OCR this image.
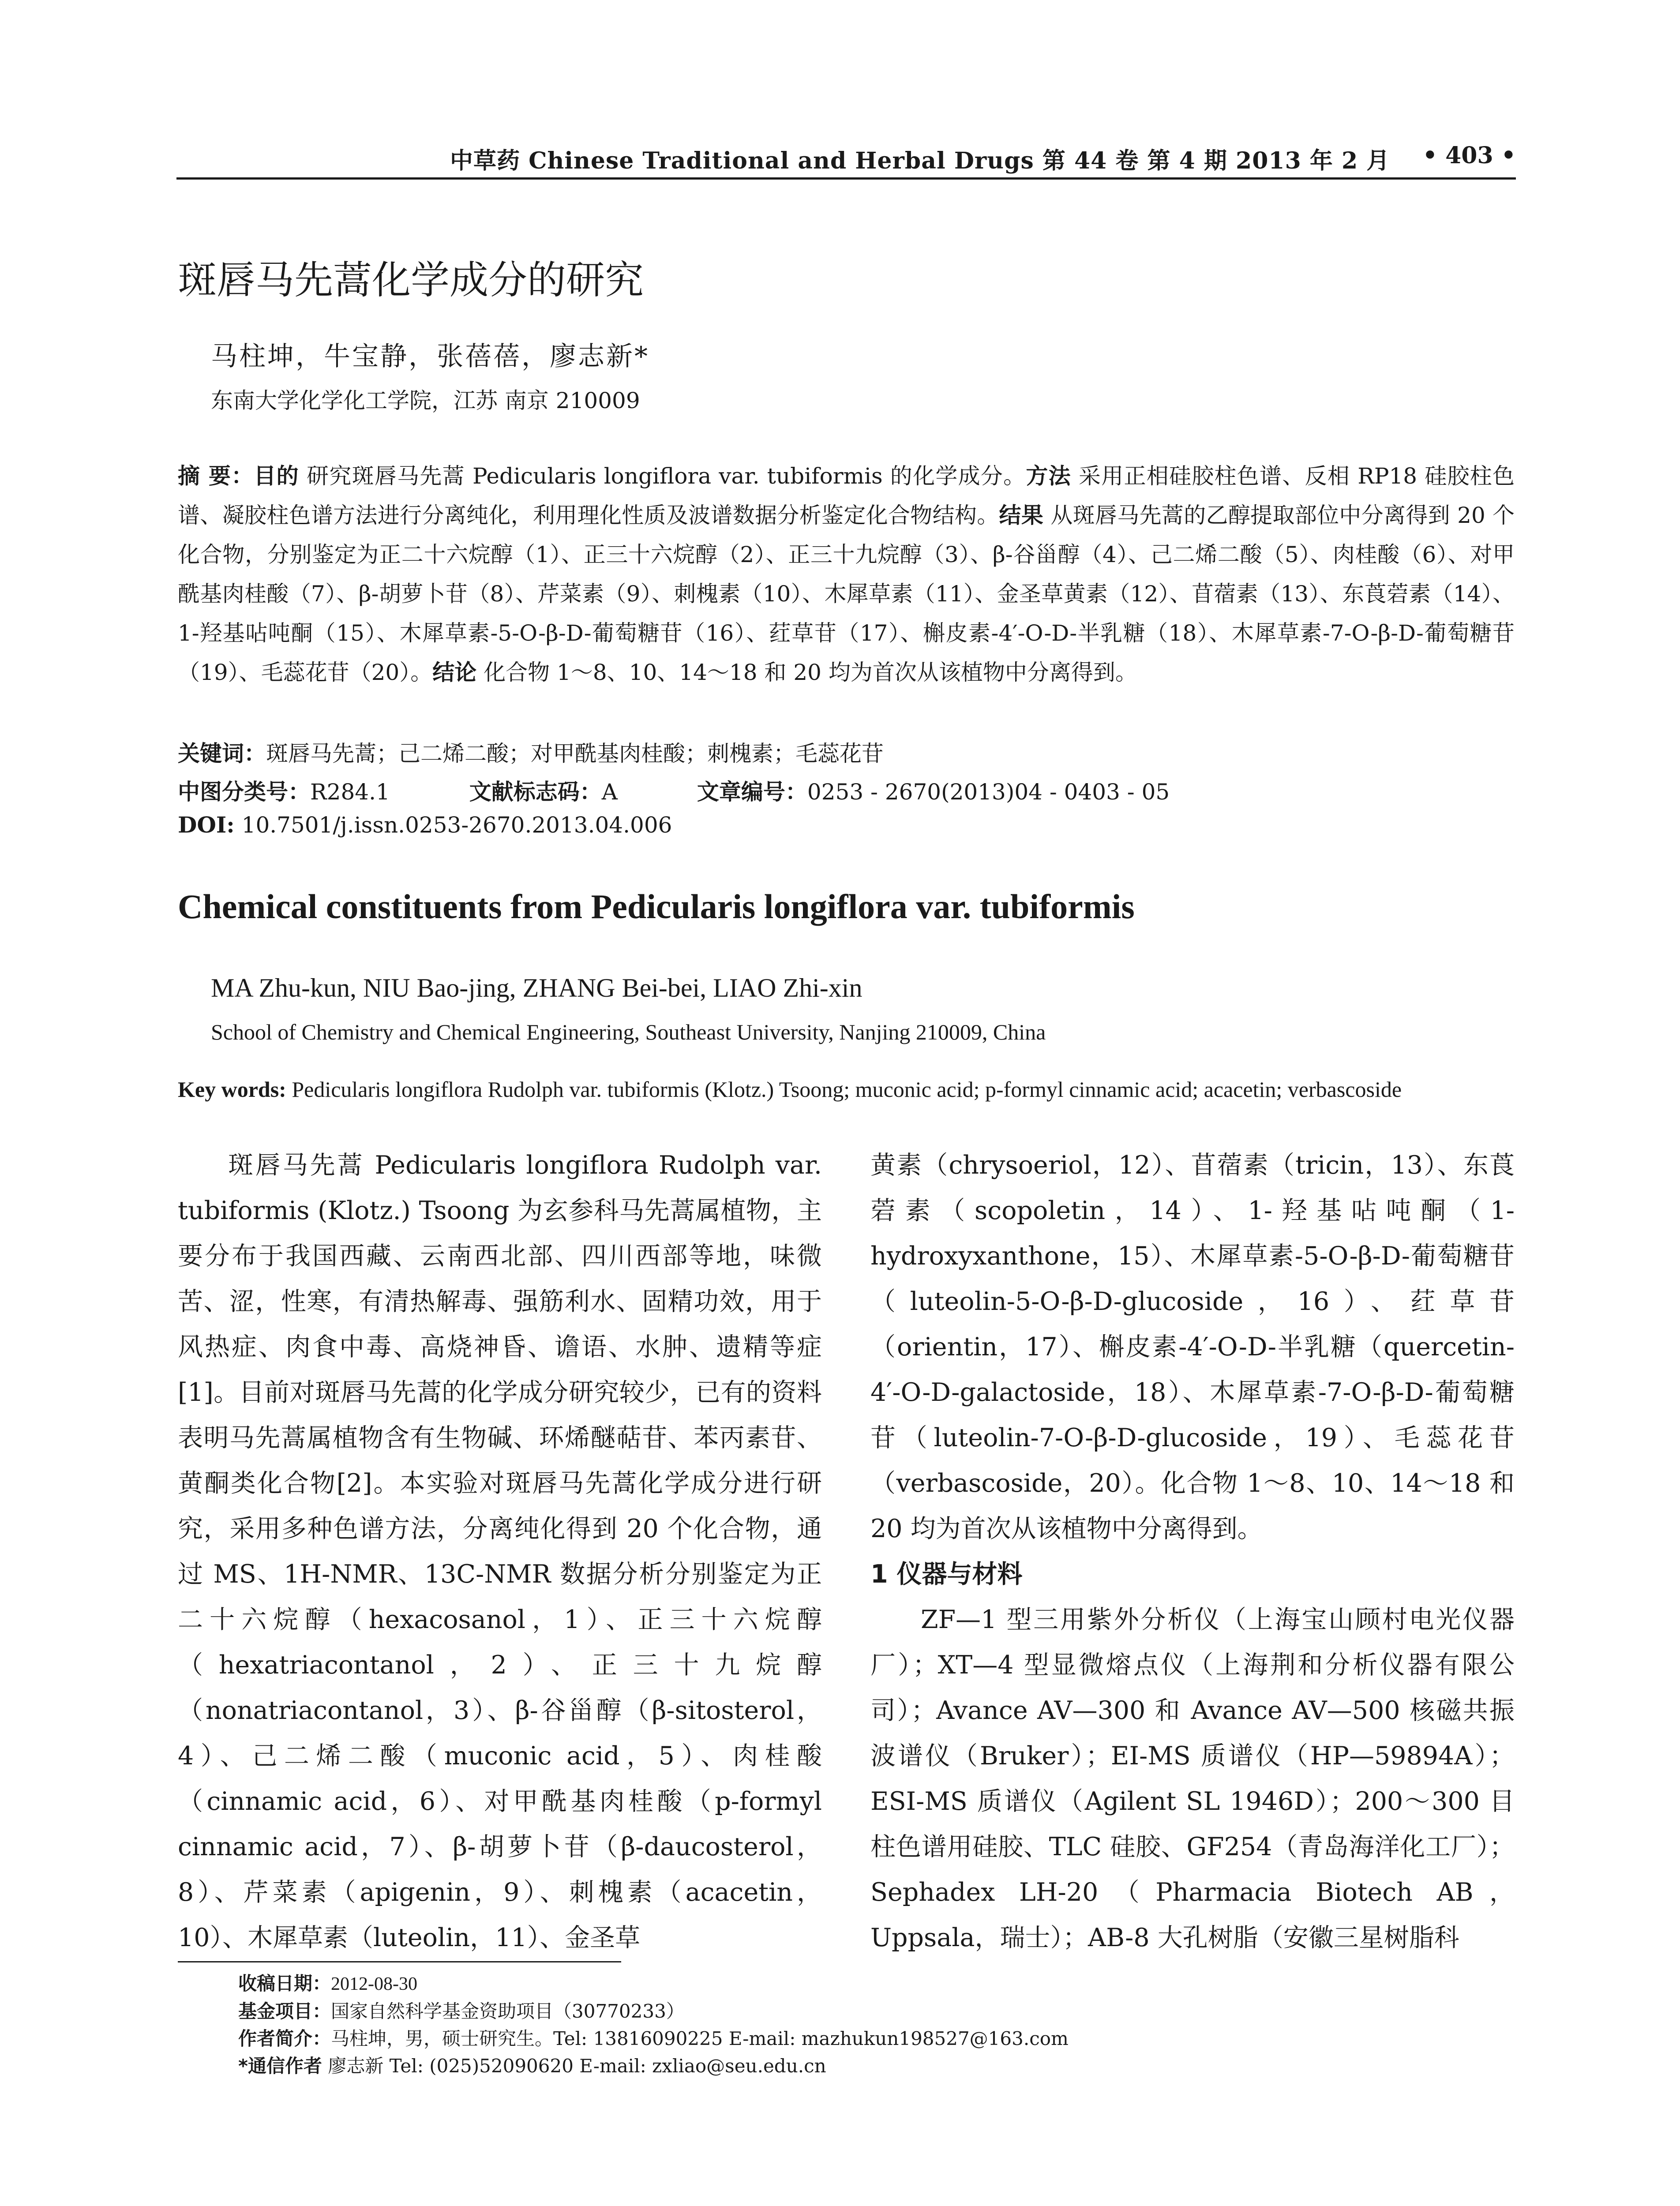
中草药 Chinese Traditional and Herbal Drugs 第 44 卷 第 4 期 2013 年 2 月 • 403 •
斑唇马先蒿化学成分的研究
马柱坤，牛宝静，张蓓蓓，廖志新*
东南大学化学化工学院，江苏 南京 210009
摘 要：目的 研究斑唇马先蒿 Pedicularis longiflora var. tubiformis 的化学成分。方法 采用正相硅胶柱色谱、反相 RP18 硅胶柱色谱、凝胶柱色谱方法进行分离纯化，利用理化性质及波谱数据分析鉴定化合物结构。结果 从斑唇马先蒿的乙醇提取部位中分离得到 20 个化合物，分别鉴定为正二十六烷醇（1）、正三十六烷醇（2）、正三十九烷醇（3）、β-谷甾醇（4）、己二烯二酸（5）、肉桂酸（6）、对甲酰基肉桂酸（7）、β-胡萝卜苷（8）、芹菜素（9）、刺槐素（10）、木犀草素（11）、金圣草黄素（12）、苜蓿素（13）、东莨菪素（14）、1-羟基呫吨酮（15）、木犀草素-5-O-β-D-葡萄糖苷（16）、荭草苷（17）、槲皮素-4′-O-D-半乳糖（18）、木犀草素-7-O-β-D-葡萄糖苷（19）、毛蕊花苷（20）。结论 化合物 1～8、10、14～18 和 20 均为首次从该植物中分离得到。
关键词：斑唇马先蒿；己二烯二酸；对甲酰基肉桂酸；刺槐素；毛蕊花苷
中图分类号：R284.1	文献标志码：A	文章编号：0253 - 2670(2013)04 - 0403 - 05
DOI: 10.7501/j.issn.0253-2670.2013.04.006
Chemical constituents from Pedicularis longiflora var. tubiformis
MA Zhu-kun, NIU Bao-jing, ZHANG Bei-bei, LIAO Zhi-xin
School of Chemistry and Chemical Engineering, Southeast University, Nanjing 210009, China
Key words: Pedicularis longiflora Rudolph var. tubiformis (Klotz.) Tsoong; muconic acid; p-formyl cinnamic acid; acacetin; verbascoside

斑唇马先蒿 Pedicularis longiflora Rudolph var. tubiformis (Klotz.) Tsoong 为玄参科马先蒿属植物，主要分布于我国西藏、云南西北部、四川西部等地，味微苦、涩，性寒，有清热解毒、强筋利水、固精功效，用于风热症、肉食中毒、高烧神昏、谵语、水肿、遗精等症[1]。目前对斑唇马先蒿的化学成分研究较少，已有的资料表明马先蒿属植物含有生物碱、环烯醚萜苷、苯丙素苷、黄酮类化合物[2]。本实验对斑唇马先蒿化学成分进行研究，采用多种色谱方法，分离纯化得到 20 个化合物，通过 MS、1H-NMR、13C-NMR 数据分析分别鉴定为正二十六烷醇（hexacosanol，1）、正三十六烷醇（hexatriacontanol，2）、正三十九烷醇（nonatriacontanol，3）、β-谷甾醇（β-sitosterol，4）、己二烯二酸（muconic acid，5）、肉桂酸（cinnamic acid，6）、对甲酰基肉桂酸（p-formyl cinnamic acid，7）、β-胡萝卜苷（β-daucosterol，8）、芹菜素（apigenin，9）、刺槐素（acacetin，10）、木犀草素（luteolin，11）、金圣草

黄素（chrysoeriol，12）、苜蓿素（tricin，13）、东莨菪素（scopoletin，14）、1-羟基呫吨酮（1-hydroxyxanthone，15）、木犀草素-5-O-β-D-葡萄糖苷（luteolin-5-O-β-D-glucoside，16）、荭草苷（orientin，17）、槲皮素-4′-O-D-半乳糖（quercetin-4′-O-D-galactoside，18）、木犀草素-7-O-β-D-葡萄糖苷（luteolin-7-O-β-D-glucoside，19）、毛蕊花苷（verbascoside，20）。化合物 1～8、10、14～18 和 20 均为首次从该植物中分离得到。

1 仪器与材料

ZF—1 型三用紫外分析仪（上海宝山顾村电光仪器厂）；XT—4 型显微熔点仪（上海荆和分析仪器有限公司）；Avance AV—300 和 Avance AV—500 核磁共振波谱仪（Bruker）；EI-MS 质谱仪（HP—59894A）；ESI-MS 质谱仪（Agilent SL 1946D）；200～300 目柱色谱用硅胶、TLC 硅胶、GF254（青岛海洋化工厂）；Sephadex LH-20（Pharmacia Biotech AB，Uppsala，瑞士）；AB-8 大孔树脂（安徽三星树脂科

收稿日期：2012-08-30
基金项目：国家自然科学基金资助项目（30770233）
作者简介：马柱坤，男，硕士研究生。Tel: 13816090225 E-mail: mazhukun198527@163.com
*通信作者 廖志新 Tel: (025)52090620 E-mail: zxliao@seu.edu.cn
